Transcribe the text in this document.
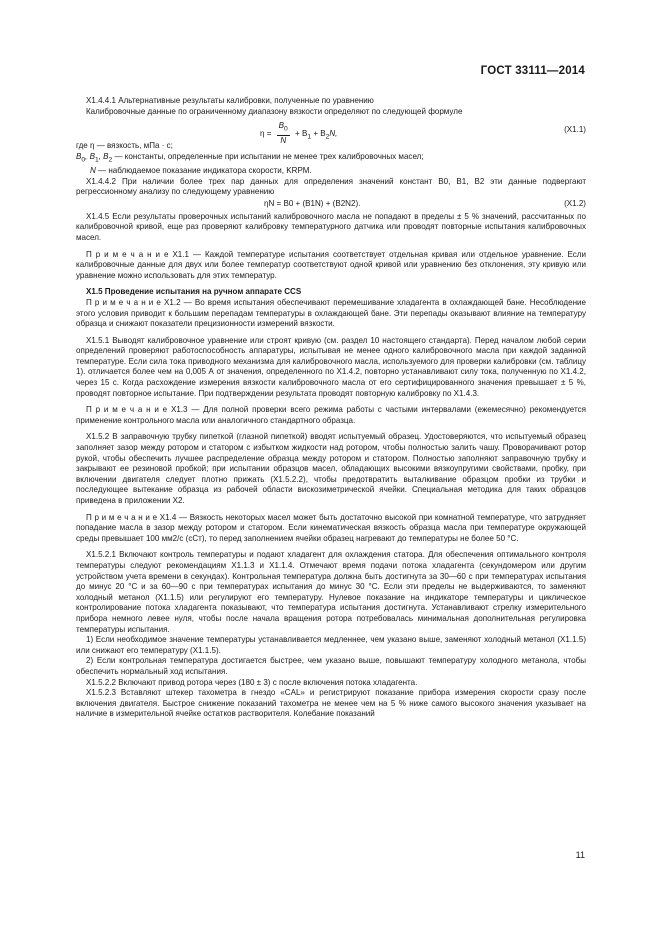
ГОСТ 33111—2014

Х1.4.4.1 Альтернативные результаты калибровки, полученные по уравнению

Калибровочные данные по ограниченному диапазону вязкости определяют по следующей формуле

$\eta = \frac{B_0}{N} + B_1 + B_2N$,	(Х1.1)

где η — вязкость, мПа · с;

$B_0$, $B_1$, $B_2$ — константы, определенные при испытании не менее трех калибровочных масел;

N — наблюдаемое показание индикатора скорости, KRPM.

Х1.4.4.2 При наличии более трех пар данных для определения значений констант B0, B1, B2 эти данные подвергают регрессионному анализу по следующему уравнению

ηN = B0 + (B1N) + (B2N2).	(Х1.2)

Х1.4.5 Если результаты проверочных испытаний калибровочного масла не попадают в пределы ± 5 % значений, рассчитанных по калибровочной кривой, еще раз проверяют калибровку температурного датчика или проводят повторные испытания калибровочных масел.

П р и м е ч а н и е Х1.1 — Каждой температуре испытания соответствует отдельная кривая или отдельное уравнение. Если калибровочные данные для двух или более температур соответствуют одной кривой или уравнению без отклонения, эту кривую или уравнение можно использовать для этих температур.

Х1.5 Проведение испытания на ручном аппарате CCS

П р и м е ч а н и е Х1.2 — Во время испытания обеспечивают перемешивание хладагента в охлаждающей бане. Несоблюдение этого условия приводит к большим перепадам температуры в охлаждающей бане. Эти перепады оказывают влияние на температуру образца и снижают показатели прецизионности измерений вязкости.

Х1.5.1 Выводят калибровочное уравнение или строят кривую (см. раздел 10 настоящего стандарта). Перед началом любой серии определений проверяют работоспособность аппаратуры, испытывая не менее одного калибровочного масла при каждой заданной температуре. Если сила тока приводного механизма для калибровочного масла, используемого для проверки калибровки (см. таблицу 1). отличается более чем на 0,005 А от значения, определенного по Х1.4.2, повторно устанавливают силу тока, полученную по Х1.4.2, через 15 с. Когда расхождение измерения вязкости калибровочного масла от его сертифицированного значения превышает ± 5 %, проводят повторное испытание. При подтверждении результата проводят повторную калибровку по Х1.4.3.

П р и м е ч а н и е Х1.3 — Для полной проверки всего режима работы с частыми интервалами (ежемесячно) рекомендуется применение контрольного масла или аналогичного стандартного образца.

Х1.5.2 В заправочную трубку пипеткой (глазной пипеткой) вводят испытуемый образец. Удостоверяются, что испытуемый образец заполняет зазор между ротором и статором с избытком жидкости над ротором, чтобы полностью залить чашу. Проворачивают ротор рукой, чтобы обеспечить лучшее распределение образца между ротором и статором. Полностью заполняют заправочную трубку и закрывают ее резиновой пробкой; при испытании образцов масел, обладающих высокими вязкоупругими свойствами, пробку, при включении двигателя следует плотно прижать (Х1.5.2.2), чтобы предотвратить выталкивание образцом пробки из трубки и последующее вытекание образца из рабочей области вискозиметрической ячейки. Специальная методика для таких образцов приведена в приложении Х2.

П р и м е ч а н и е Х1.4 — Вязкость некоторых масел может быть достаточно высокой при комнатной температуре, что затрудняет попадание масла в зазор между ротором и статором. Если кинематическая вязкость образца масла при температуре окружающей среды превышает 100 мм2/с (сСт), то перед заполнением ячейки образец нагревают до температуры не более 50 °С.

Х1.5.2.1 Включают контроль температуры и подают хладагент для охлаждения статора. Для обеспечения оптимального контроля температуры следуют рекомендациям Х1.1.3 и Х1.1.4. Отмечают время подачи потока хладагента (секундомером или другим устройством учета времени в секундах). Контрольная температура должна быть достигнута за 30—60 с при температурах испытания до минус 20 °С и за 60—90 с при температурах испытания до минус 30 °С. Если эти пределы не выдерживаются, то заменяют холодный метанол (Х1.1.5) или регулируют его температуру. Нулевое показание на индикаторе температуры и циклическое контролирование потока хладагента показывают, что температура испытания достигнута. Устанавливают стрелку измерительного прибора немного левее нуля, чтобы после начала вращения ротора потребовалась минимальная дополнительная регулировка температуры испытания.

1) Если необходимое значение температуры устанавливается медленнее, чем указано выше, заменяют холодный метанол (Х1.1.5) или снижают его температуру (Х1.1.5).

2) Если контрольная температура достигается быстрее, чем указано выше, повышают температуру холодного метанола, чтобы обеспечить нормальный ход испытания.

Х1.5.2.2 Включают привод ротора через (180 ± 3) с после включения потока хладагента.

Х1.5.2.3 Вставляют штекер тахометра в гнездо «CAL» и регистрируют показание прибора измерения скорости сразу после включения двигателя. Быстрое снижение показаний тахометра не менее чем на 5 % ниже самого высокого значения указывает на наличие в измерительной ячейке остатков растворителя. Колебание показаний

11
